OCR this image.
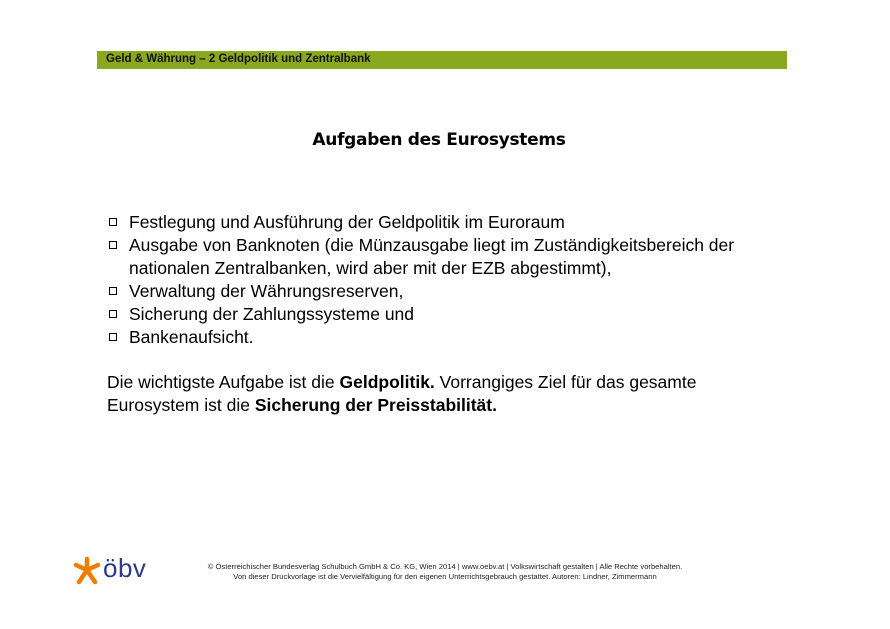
Geld & Währung – 2 Geldpolitik und Zentralbank
Aufgaben des Eurosystems
Festlegung und Ausführung der Geldpolitik im Euroraum
Ausgabe von Banknoten (die Münzausgabe liegt im Zuständigkeitsbereich der nationalen Zentralbanken, wird aber mit der EZB abgestimmt),
Verwaltung der Währungsreserven,
Sicherung der Zahlungssysteme und
Bankenaufsicht.
Die wichtigste Aufgabe ist die Geldpolitik. Vorrangiges Ziel für das gesamte Eurosystem ist die Sicherung der Preisstabilität.
öbv	© Österreichischer Bundesverlag Schulbuch GmbH & Co. KG, Wien 2014 | www.oebv.at | Volkswirtschaft gestalten | Alle Rechte vorbehalten.
Von dieser Druckvorlage ist die Vervielfältigung für den eigenen Unterrichtsgebrauch gestattet. Autoren: Lindner, Zimmermann
